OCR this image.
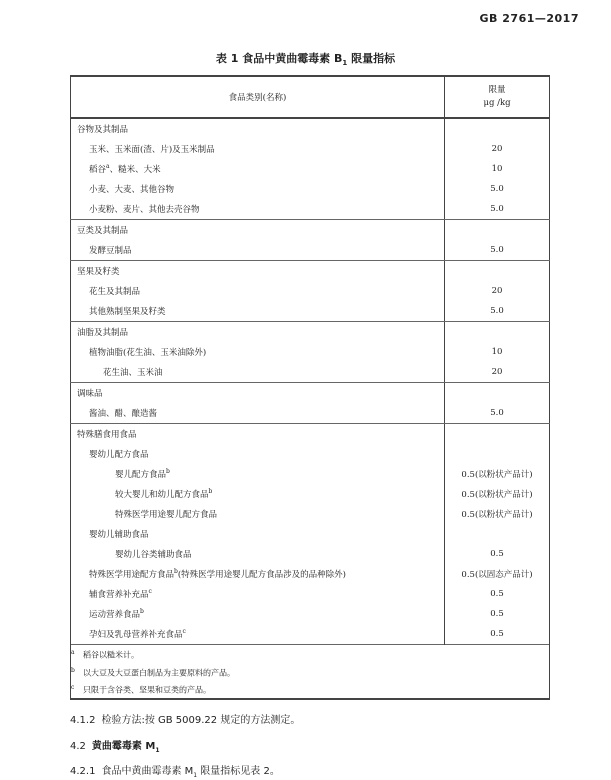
GB 2761—2017
表 1 食品中黄曲霉毒素 $B_1$ 限量指标
食品类别(名称)	限量
μg /kg

谷物及其制品	
玉米、玉米面(渣、片)及玉米制品	20
稻谷$^a$、糙米、大米	10
小麦、大麦、其他谷物	5.0
小麦粉、麦片、其他去壳谷物	5.0
豆类及其制品	
发酵豆制品	5.0
坚果及籽类	
花生及其制品	20
其他熟制坚果及籽类	5.0
油脂及其制品	
植物油脂(花生油、玉米油除外)	10
花生油、玉米油	20
调味品	
酱油、醋、酿造酱	5.0
特殊膳食用食品	
婴幼儿配方食品	
婴儿配方食品$^b$	0.5(以粉状产品计)
较大婴儿和幼儿配方食品$^b$	0.5(以粉状产品计)
特殊医学用途婴儿配方食品	0.5(以粉状产品计)
婴幼儿辅助食品	
婴幼儿谷类辅助食品	0.5
特殊医学用途配方食品$^b$(特殊医学用途婴儿配方食品涉及的品种除外)	0.5(以固态产品计)
辅食营养补充品$^c$	0.5
运动营养食品$^b$	0.5
孕妇及乳母营养补充食品$^c$	0.5

$^a$ 稻谷以糙米计。
$^b$ 以大豆及大豆蛋白制品为主要原料的产品。
$^c$ 只限于含谷类、坚果和豆类的产品。	
4.1.2 检验方法:按 GB 5009.22 规定的方法测定。
4.2 黄曲霉毒素 $M_1$
4.2.1 食品中黄曲霉毒素 $M_1$ 限量指标见表 2。
